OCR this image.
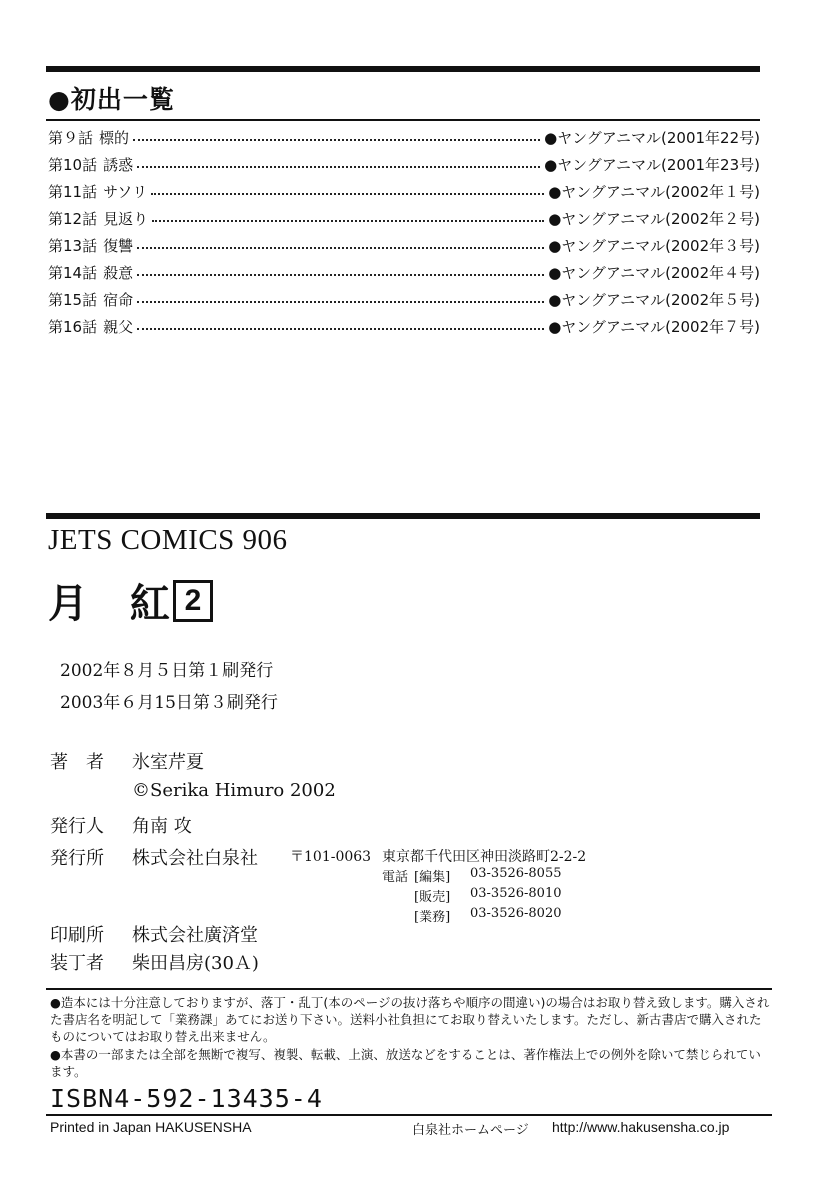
●初出一覧
第９話 標的	●ヤングアニマル(2001年22号)
第10話 誘惑	●ヤングアニマル(2001年23号)
第11話 サソリ	●ヤングアニマル(2002年１号)
第12話 見返り	●ヤングアニマル(2002年２号)
第13話 復讐	●ヤングアニマル(2002年３号)
第14話 殺意	●ヤングアニマル(2002年４号)
第15話 宿命	●ヤングアニマル(2002年５号)
第16話 親父	●ヤングアニマル(2002年７号)
JETS COMICS 906
月 紅 2
2002年８月５日第１刷発行
2003年６月15日第３刷発行
著　者 氷室芹夏
©Serika Himuro 2002
発行人 角南 攻
発行所 株式会社白泉社 〒101-0063 東京都千代田区神田淡路町2-2-2
電話 [編集] 03-3526-8055
[販売] 03-3526-8010
[業務] 03-3526-8020
印刷所 株式会社廣済堂
装丁者 柴田昌房(30Ａ)
●造本には十分注意しておりますが、落丁・乱丁(本のページの抜け落ちや順序の間違い)の場合はお取り替え致します。購入された書店名を明記して「業務課」あてにお送り下さい。送料小社負担にてお取り替えいたします。ただし、新古書店で購入されたものについてはお取り替え出来ません。
●本書の一部または全部を無断で複写、複製、転載、上演、放送などをすることは、著作権法上での例外を除いて禁じられています。
ISBN4-592-13435-4
Printed in Japan HAKUSENSHA	白泉社ホームページ http://www.hakusensha.co.jp
